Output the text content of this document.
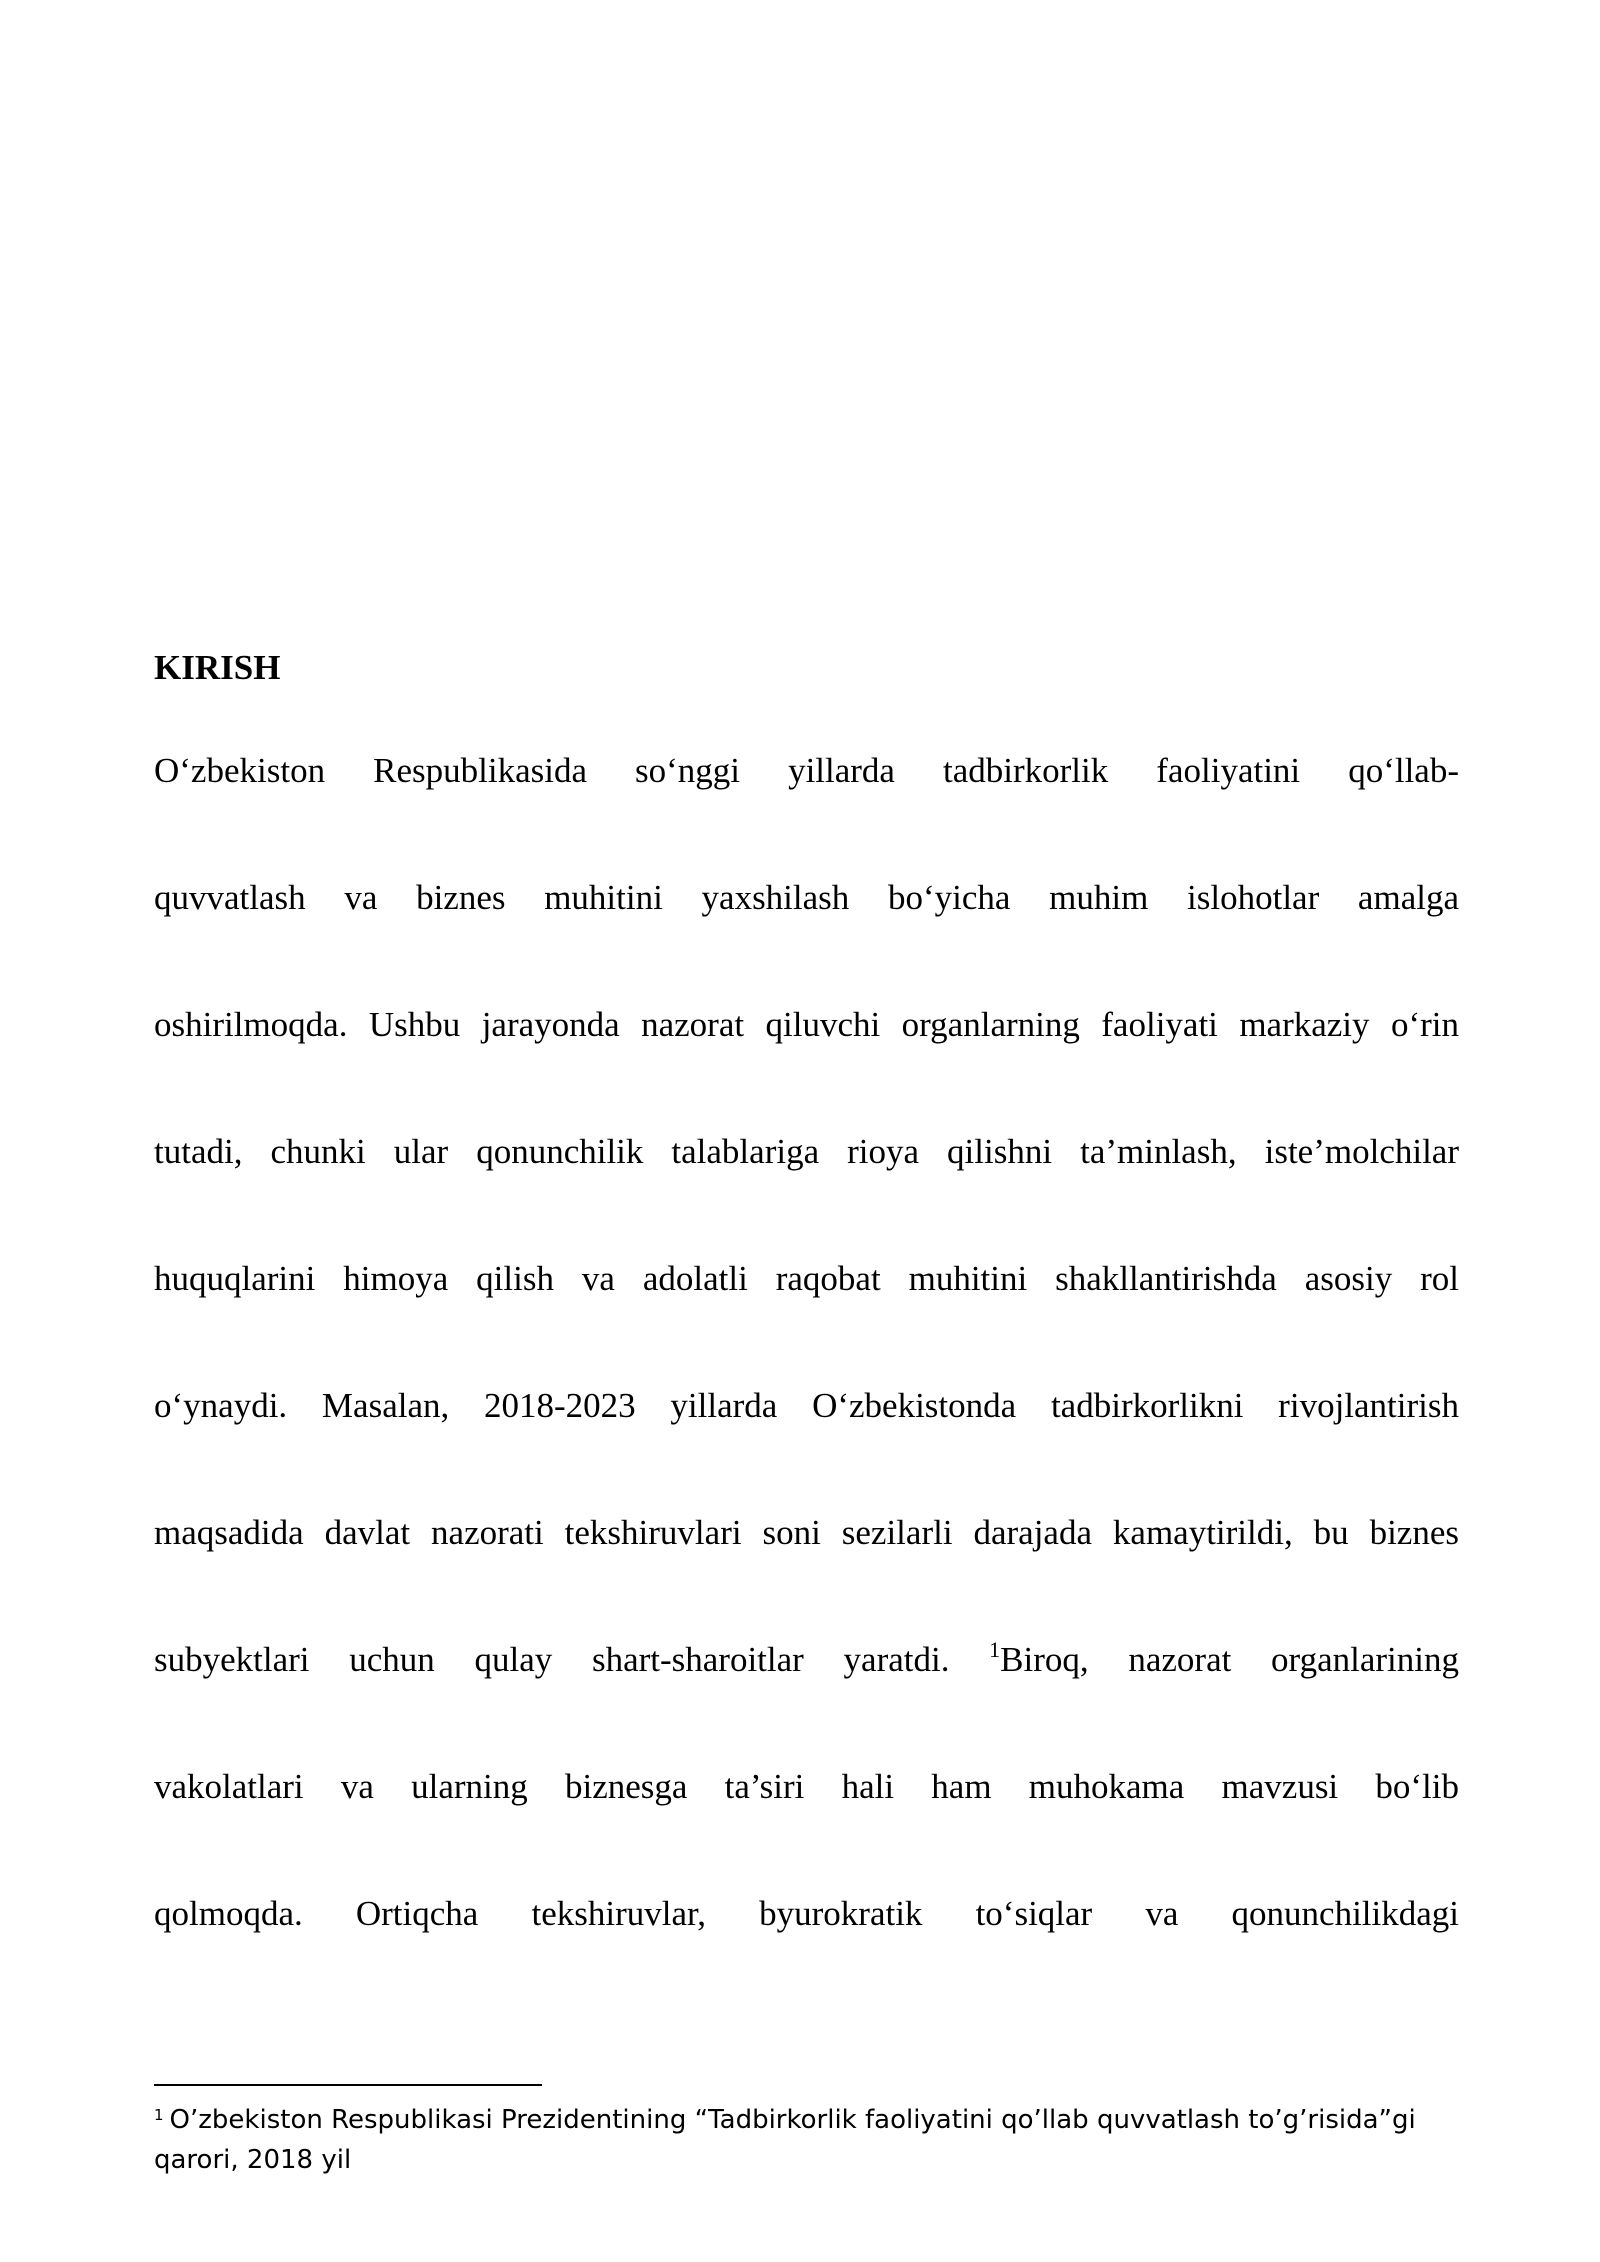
KIRISH
O‘zbekiston Respublikasida so‘nggi yillarda tadbirkorlik faoliyatini qo‘llab-
quvvatlash va biznes muhitini yaxshilash bo‘yicha muhim islohotlar amalga
oshirilmoqda. Ushbu jarayonda nazorat qiluvchi organlarning faoliyati markaziy o‘rin
tutadi, chunki ular qonunchilik talablariga rioya qilishni ta’minlash, iste’molchilar
huquqlarini himoya qilish va adolatli raqobat muhitini shakllantirishda asosiy rol
o‘ynaydi. Masalan, 2018-2023 yillarda O‘zbekistonda tadbirkorlikni rivojlantirish
maqsadida davlat nazorati tekshiruvlari soni sezilarli darajada kamaytirildi, bu biznes
subyektlari uchun qulay shart-sharoitlar yaratdi. $^1$Biroq, nazorat organlarining
vakolatlari va ularning biznesga ta’siri hali ham muhokama mavzusi bo‘lib
qolmoqda. Ortiqcha tekshiruvlar, byurokratik to‘siqlar va qonunchilikdagi

$^1$ O’zbekiston Respublikasi Prezidentining “Tadbirkorlik faoliyatini qo’llab quvvatlash to’g’risida”gi qarori, 2018 yil
